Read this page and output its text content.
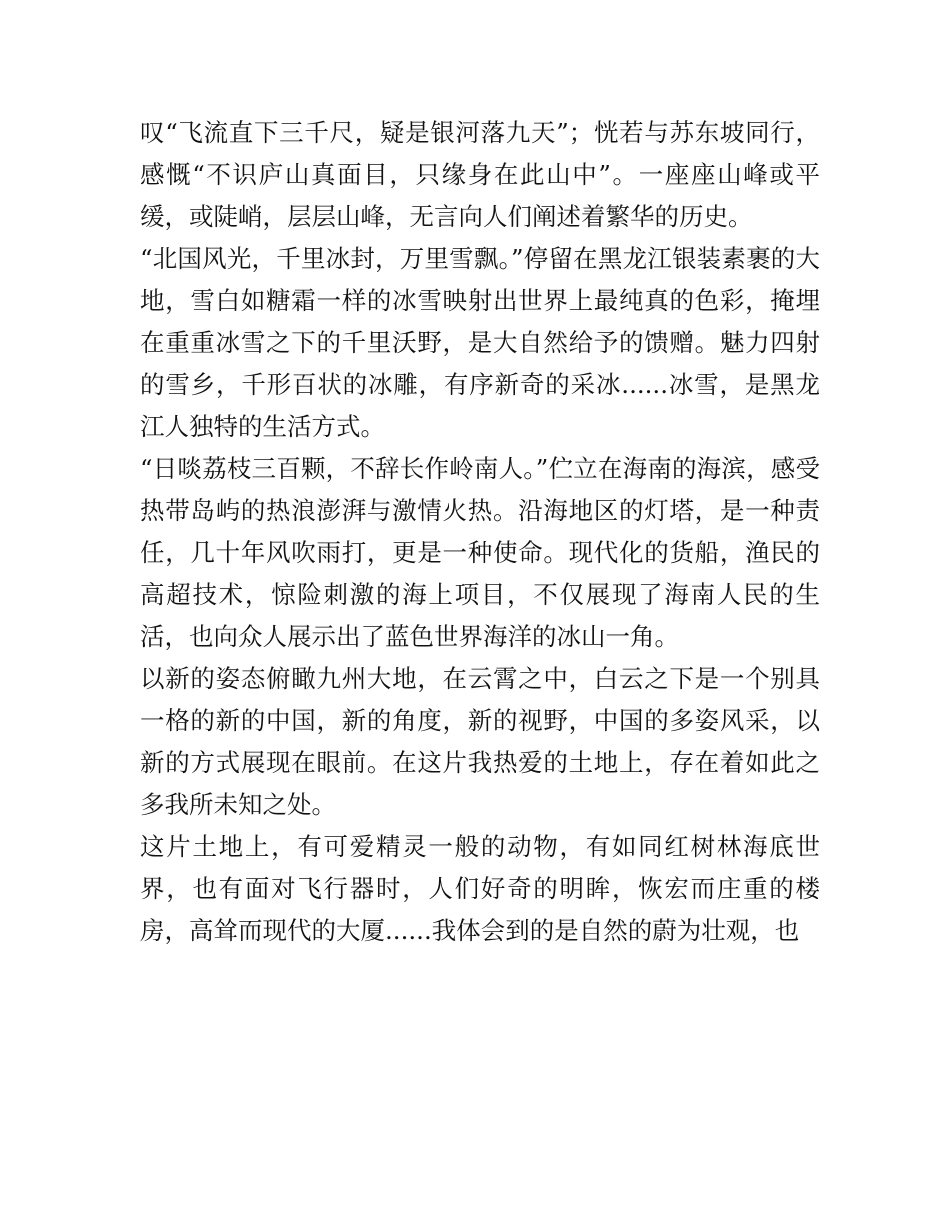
叹“飞流直下三千尺，疑是银河落九天”；恍若与苏东坡同行，感慨“不识庐山真面目，只缘身在此山中”。一座座山峰或平缓，或陡峭，层层山峰，无言向人们阐述着繁华的历史。

“北国风光，千里冰封，万里雪飘。”停留在黑龙江银装素裹的大地，雪白如糖霜一样的冰雪映射出世界上最纯真的色彩，掩埋在重重冰雪之下的千里沃野，是大自然给予的馈赠。魅力四射的雪乡，千形百状的冰雕，有序新奇的采冰......冰雪，是黑龙江人独特的生活方式。

“日啖荔枝三百颗，不辞长作岭南人。”伫立在海南的海滨，感受热带岛屿的热浪澎湃与激情火热。沿海地区的灯塔，是一种责任，几十年风吹雨打，更是一种使命。现代化的货船，渔民的高超技术，惊险刺激的海上项目，不仅展现了海南人民的生活，也向众人展示出了蓝色世界海洋的冰山一角。

以新的姿态俯瞰九州大地，在云霄之中，白云之下是一个别具一格的新的中国，新的角度，新的视野，中国的多姿风采，以新的方式展现在眼前。在这片我热爱的土地上，存在着如此之多我所未知之处。

这片土地上，有可爱精灵一般的动物，有如同红树林海底世界，也有面对飞行器时，人们好奇的明眸，恢宏而庄重的楼房，高耸而现代的大厦......我体会到的是自然的蔚为壮观，也
